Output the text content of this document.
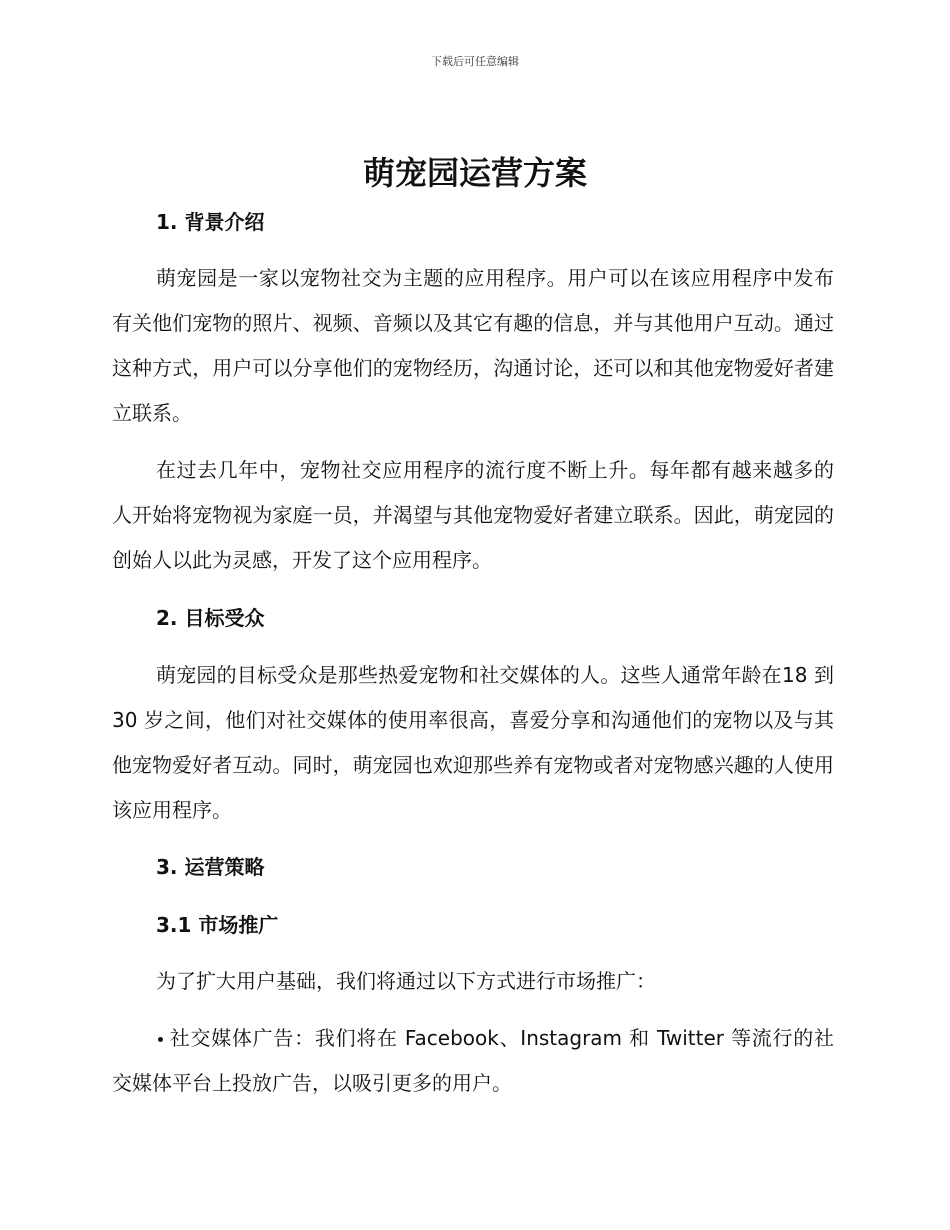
下载后可任意编辑
萌宠园运营方案
1. 背景介绍

萌宠园是一家以宠物社交为主题的应用程序。用户可以在该应用程序中发布有关他们宠物的照片、视频、音频以及其它有趣的信息，并与其他用户互动。通过这种方式，用户可以分享他们的宠物经历，沟通讨论，还可以和其他宠物爱好者建立联系。

在过去几年中，宠物社交应用程序的流行度不断上升。每年都有越来越多的人开始将宠物视为家庭一员，并渴望与其他宠物爱好者建立联系。因此，萌宠园的创始人以此为灵感，开发了这个应用程序。

2. 目标受众

萌宠园的目标受众是那些热爱宠物和社交媒体的人。这些人通常年龄在18 到 30 岁之间，他们对社交媒体的使用率很高，喜爱分享和沟通他们的宠物以及与其他宠物爱好者互动。同时，萌宠园也欢迎那些养有宠物或者对宠物感兴趣的人使用该应用程序。

3. 运营策略
3.1 市场推广

为了扩大用户基础，我们将通过以下方式进行市场推广：

社交媒体广告：我们将在 Facebook、Instagram 和 Twitter 等流行的社交媒体平台上投放广告，以吸引更多的用户。
